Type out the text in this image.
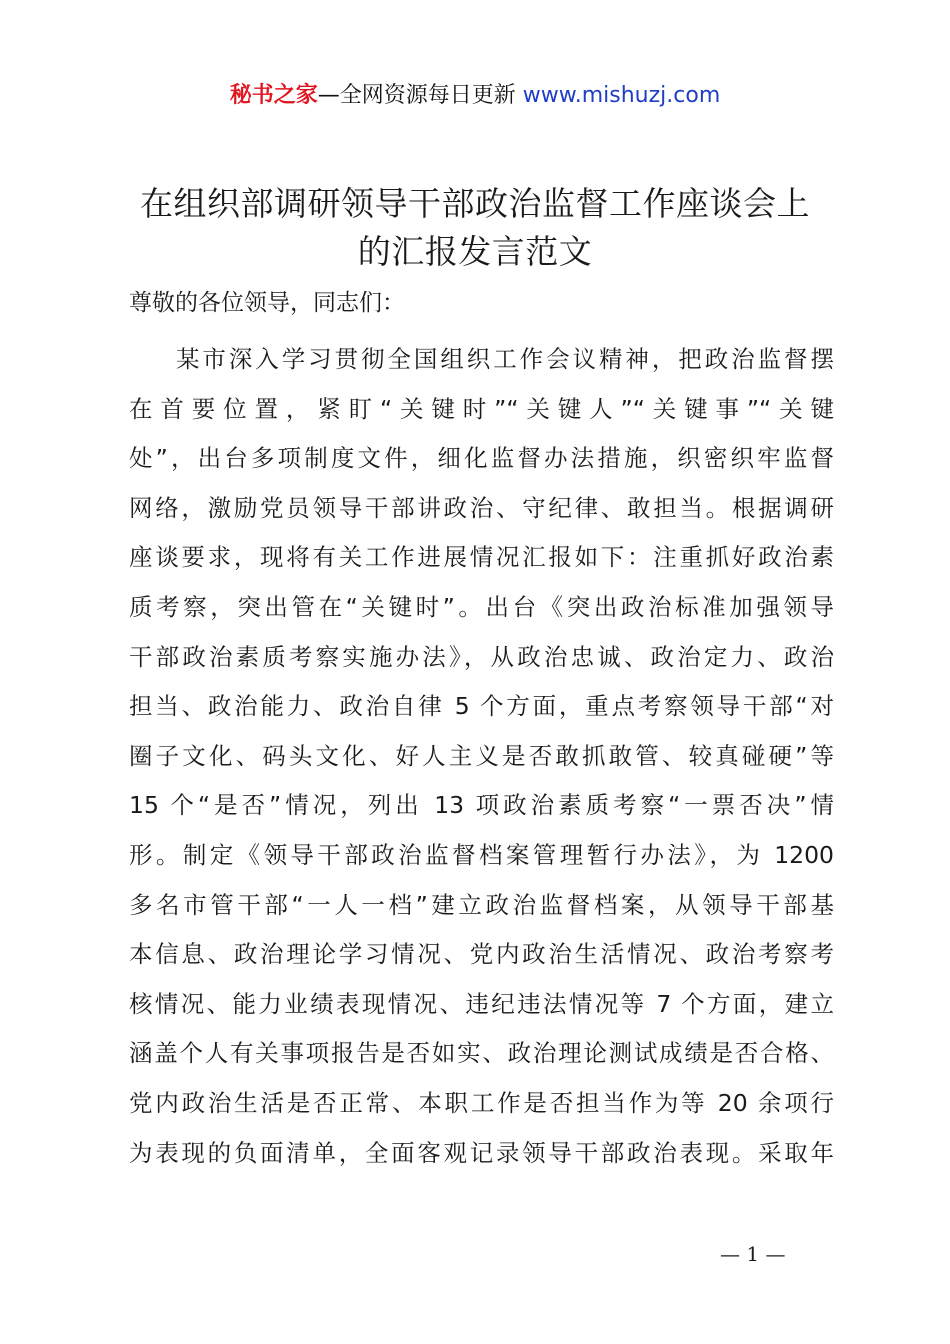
秘书之家—全网资源每日更新 www.mishuzj.com
在组织部调研领导干部政治监督工作座谈会上
的汇报发言范文
尊敬的各位领导，同志们：
某市深入学习贯彻全国组织工作会议精神，把政治监督摆
在首要位置，紧盯“关键时”“关键人”“关键事”“关键
处”，出台多项制度文件，细化监督办法措施，织密织牢监督
网络，激励党员领导干部讲政治、守纪律、敢担当。根据调研
座谈要求，现将有关工作进展情况汇报如下：注重抓好政治素
质考察，突出管在“关键时”。出台《突出政治标准加强领导
干部政治素质考察实施办法》，从政治忠诚、政治定力、政治
担当、政治能力、政治自律 5 个方面，重点考察领导干部“对
圈子文化、码头文化、好人主义是否敢抓敢管、较真碰硬”等
15 个“是否”情况，列出 13 项政治素质考察“一票否决”情
形。制定《领导干部政治监督档案管理暂行办法》，为 1200
多名市管干部“一人一档”建立政治监督档案，从领导干部基
本信息、政治理论学习情况、党内政治生活情况、政治考察考
核情况、能力业绩表现情况、违纪违法情况等 7 个方面，建立
涵盖个人有关事项报告是否如实、政治理论测试成绩是否合格、
党内政治生活是否正常、本职工作是否担当作为等 20 余项行
为表现的负面清单，全面客观记录领导干部政治表现。采取年
— 1 —
